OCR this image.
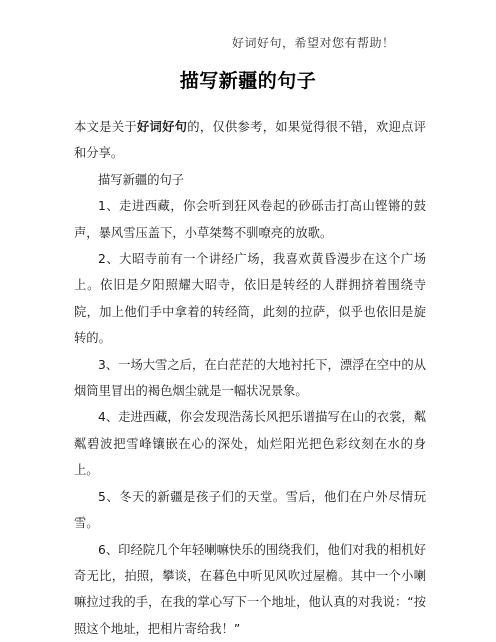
好词好句，希望对您有帮助！
描写新疆的句子

本文是关于好词好句的，仅供参考，如果觉得很不错，欢迎点评和分享。

描写新疆的句子

1、走进西藏，你会听到狂风卷起的砂砾击打高山铿锵的鼓声，暴风雪压盖下，小草桀骜不驯嘹亮的放歌。

2、大昭寺前有一个讲经广场，我喜欢黄昏漫步在这个广场上。依旧是夕阳照耀大昭寺，依旧是转经的人群拥挤着围绕寺院，加上他们手中拿着的转经筒，此刻的拉萨，似乎也依旧是旋转的。

3、一场大雪之后，在白茫茫的大地衬托下，漂浮在空中的从烟筒里冒出的褐色烟尘就是一幅状况景象。

4、走进西藏，你会发现浩荡长风把乐谱描写在山的衣裳，粼粼碧波把雪峰镶嵌在心的深处，灿烂阳光把色彩纹刻在水的身上。

5、冬天的新疆是孩子们的天堂。雪后，他们在户外尽情玩雪。

6、印经院几个年轻喇嘛快乐的围绕我们，他们对我的相机好奇无比，拍照，攀谈，在暮色中听见风吹过屋檐。其中一个小喇嘛拉过我的手，在我的掌心写下一个地址，他认真的对我说：“按照这个地址，把相片寄给我！”
